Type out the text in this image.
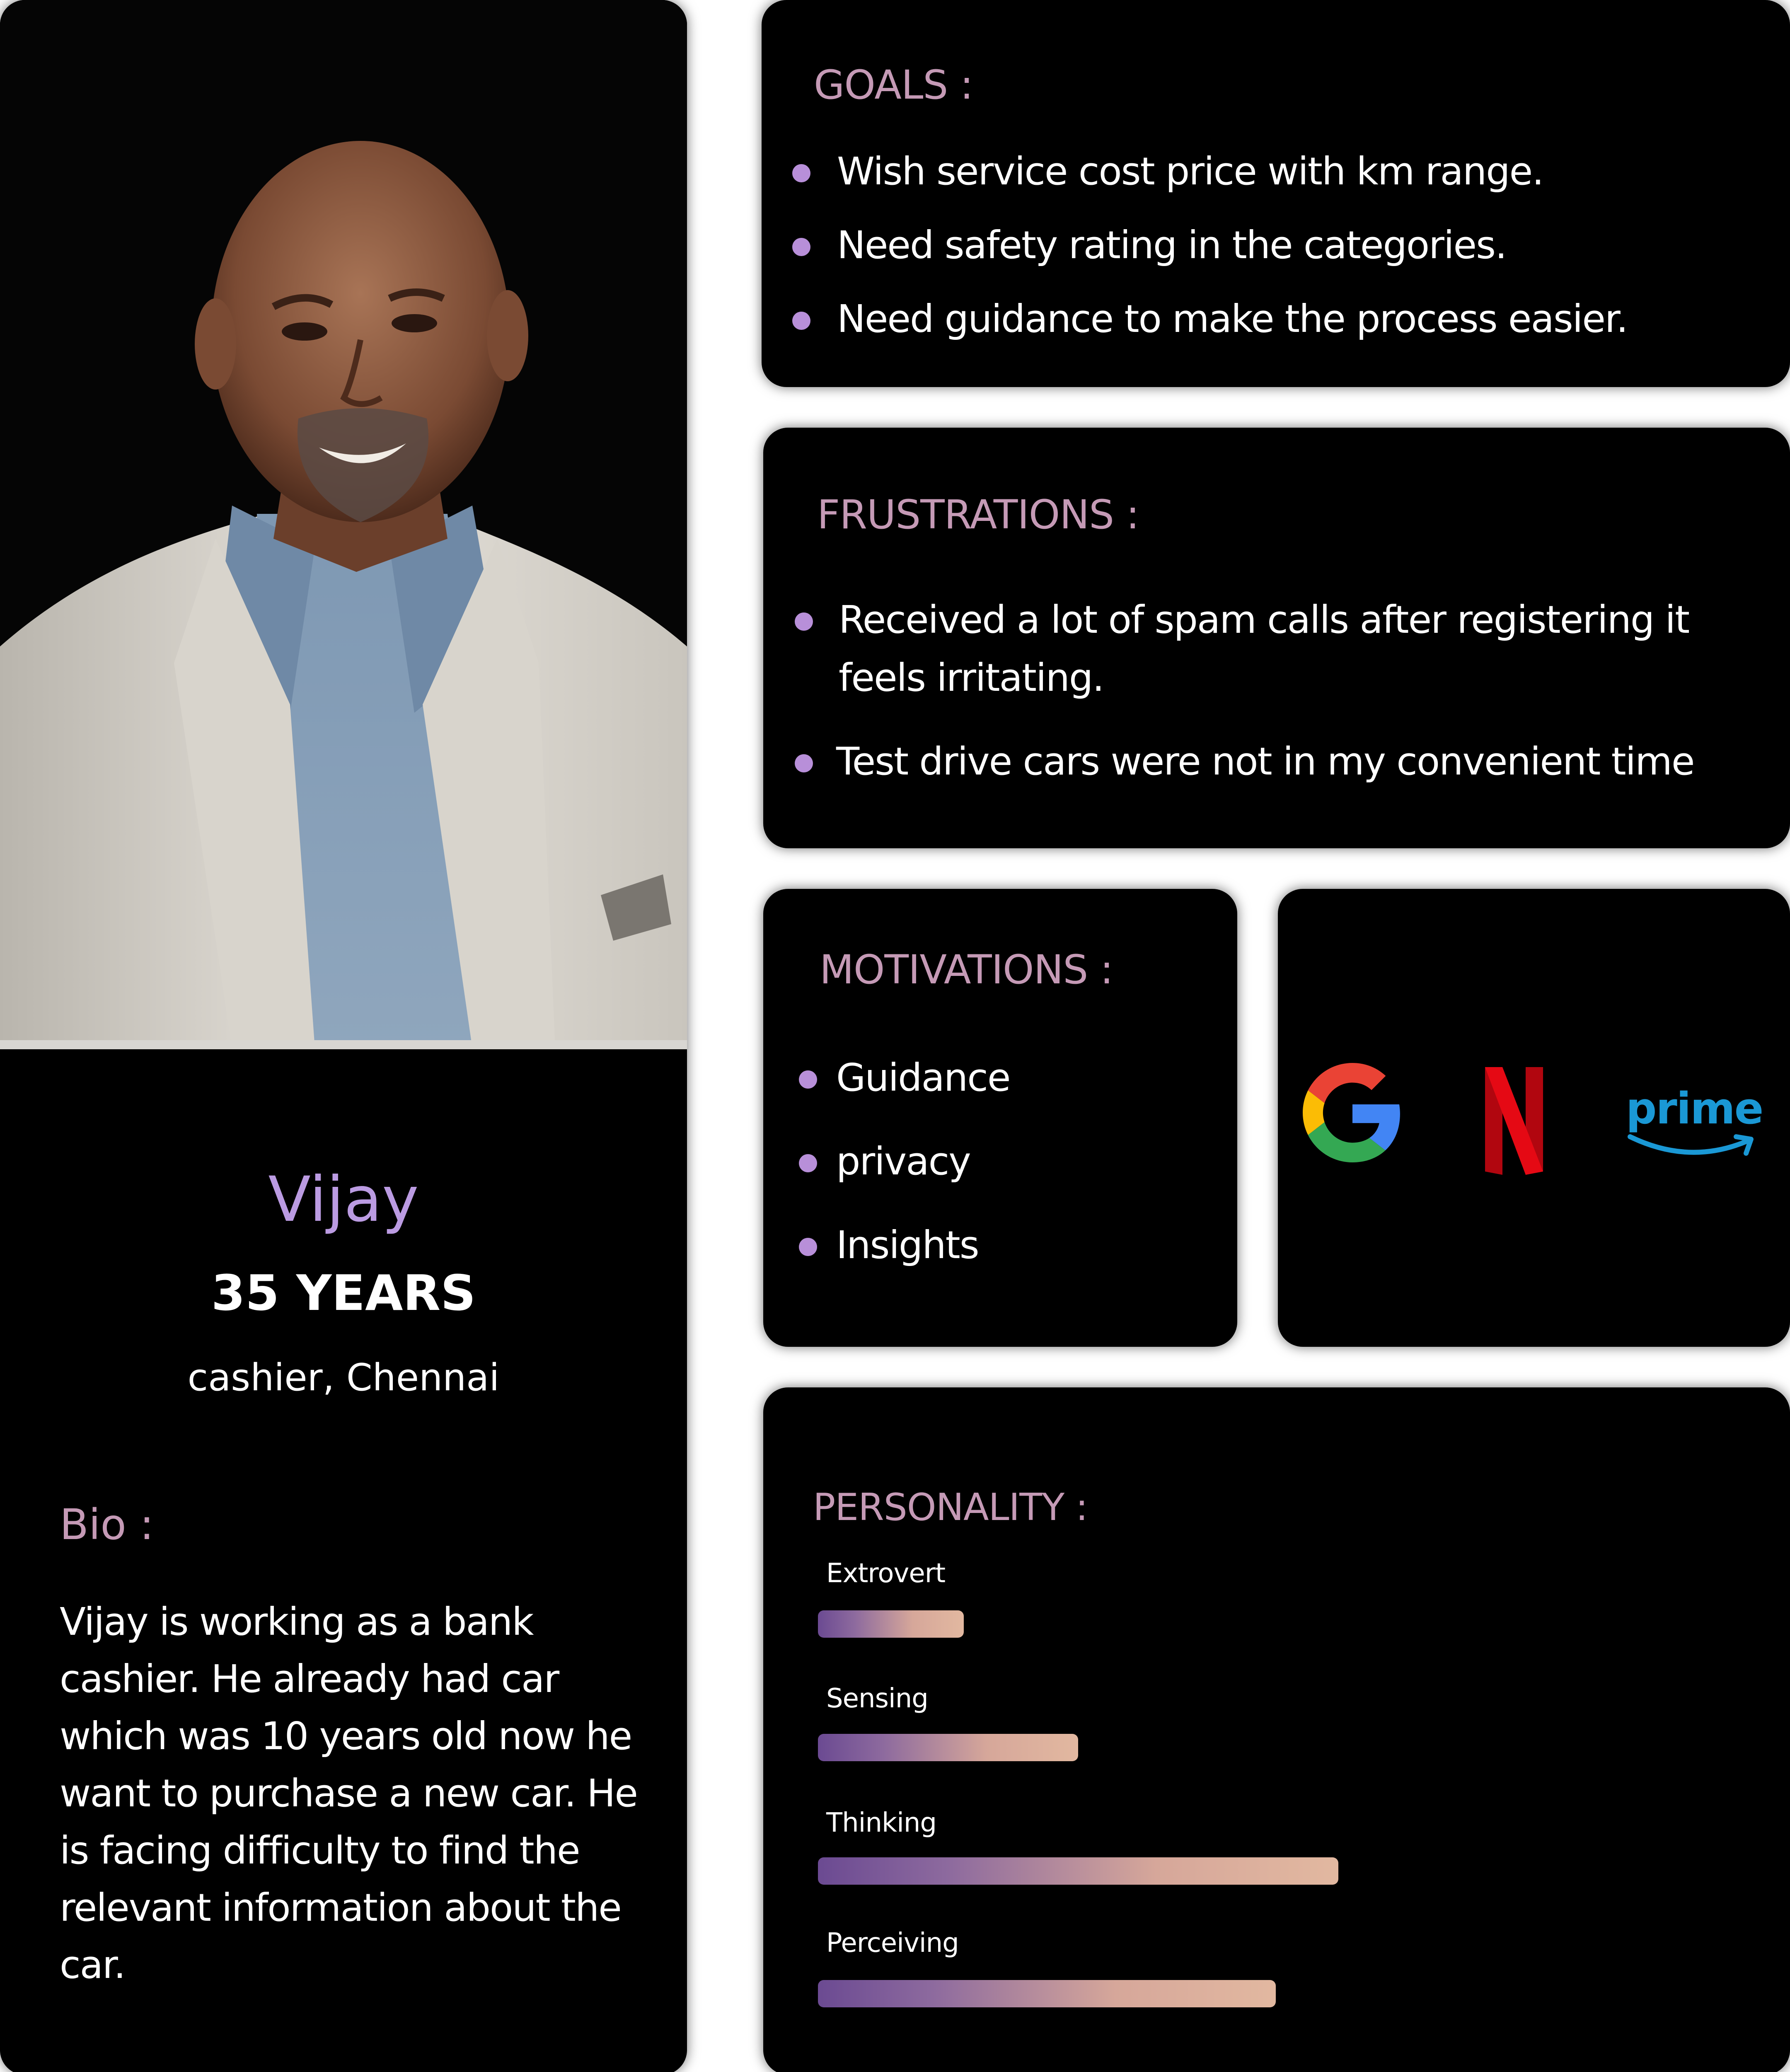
Vijay
35 YEARS
cashier, Chennai
Bio :
Vijay is working as a bank cashier. He already had car which was 10 years old now he want to purchase a new car. He is facing difficulty to find the relevant information about the car.
GOALS :
Wish service cost price with km range.
Need safety rating in the categories.
Need guidance to make the process easier.
FRUSTRATIONS :
Received a lot of spam calls after registering it feels irritating.
Test drive cars were not in my convenient time
MOTIVATIONS :
Guidance
privacy
Insights
prime
PERSONALITY :
Extrovert
Sensing
Thinking
Perceiving
